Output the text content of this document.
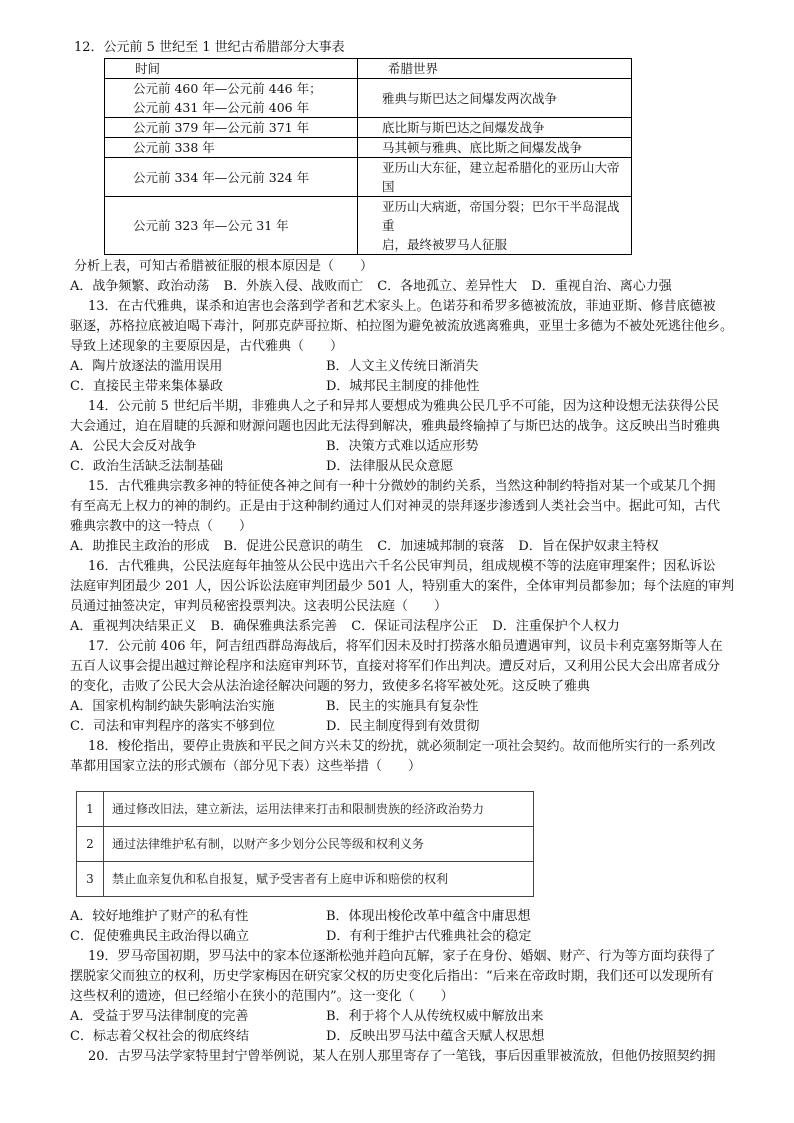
12．公元前 5 世纪至 1 世纪古希腊部分大事表
时间	希腊世界

公元前 460 年—公元前 446 年；
公元前 431 年—公元前 406 年	雅典与斯巴达之间爆发两次战争
公元前 379 年—公元前 371 年	底比斯与斯巴达之间爆发战争
公元前 338 年	马其顿与雅典、底比斯之间爆发战争
公元前 334 年—公元前 324 年	亚历山大东征，建立起希腊化的亚历山大帝国
公元前 323 年—公元 31 年	亚历山大病逝，帝国分裂；巴尔干半岛混战重
启，最终被罗马人征服
分析上表，可知古希腊被征服的根本原因是（　　）
A．战争频繁、政治动荡 B．外族入侵、战败而亡 C．各地孤立、差异性大 D．重视自治、离心力强
13．在古代雅典，谋杀和迫害也会落到学者和艺术家头上。色诺芬和希罗多德被流放，菲迪亚斯、修昔底德被
驱逐，苏格拉底被迫喝下毒汁，阿那克萨哥拉斯、柏拉图为避免被流放逃离雅典，亚里士多德为不被处死逃往他乡。
导致上述现象的主要原因是，古代雅典（　　）
A．陶片放逐法的滥用误用	B．人文主义传统日渐消失
C．直接民主带来集体暴政	D．城邦民主制度的排他性
14．公元前 5 世纪后半期，非雅典人之子和异邦人要想成为雅典公民几乎不可能，因为这种设想无法获得公民
大会通过，迫在眉睫的兵源和财源问题也因此无法得到解决，雅典最终输掉了与斯巴达的战争。这反映出当时雅典
A．公民大会反对战争	B．决策方式难以适应形势
C．政治生活缺乏法制基础	D．法律服从民众意愿
15．古代雅典宗教多神的特征使各神之间有一种十分微妙的制约关系，当然这种制约特指对某一个或某几个拥
有至高无上权力的神的制约。正是由于这种制约通过人们对神灵的崇拜逐步渗透到人类社会当中。据此可知，古代
雅典宗教中的这一特点（　　）
A．助推民主政治的形成 B．促进公民意识的萌生 C．加速城邦制的衰落 D．旨在保护奴隶主特权
16．古代雅典，公民法庭每年抽签从公民中选出六千名公民审判员，组成规模不等的法庭审理案件；因私诉讼
法庭审判团最少 201 人，因公诉讼法庭审判团最少 501 人，特别重大的案件，全体审判员都参加；每个法庭的审判
员通过抽签决定，审判员秘密投票判决。这表明公民法庭（　　）
A．重视判决结果正义 B．确保雅典法系完善 C．保证司法程序公正 D．注重保护个人权力
17．公元前 406 年，阿吉纽西群岛海战后，将军们因未及时打捞落水船员遭遇审判，议员卡利克塞努斯等人在
五百人议事会提出越过辩论程序和法庭审判环节，直接对将军们作出判决。遭反对后，又利用公民大会出席者成分
的变化，击败了公民大会从法治途径解决问题的努力，致使多名将军被处死。这反映了雅典
A．国家机构制约缺失影响法治实施	B．民主的实施具有复杂性
C．司法和审判程序的落实不够到位	D．民主制度得到有效贯彻
18．梭伦指出，要停止贵族和平民之间方兴未艾的纷扰，就必须制定一项社会契约。故而他所实行的一系列改
革都用国家立法的形式颁布（部分见下表）这些举措（　　）
1	通过修改旧法，建立新法，运用法律来打击和限制贵族的经济政治势力
2	通过法律维护私有制，以财产多少划分公民等级和权利义务
3	禁止血亲复仇和私自报复，赋予受害者有上庭申诉和赔偿的权利
A．较好地维护了财产的私有性	B．体现出梭伦改革中蕴含中庸思想
C．促使雅典民主政治得以确立	D．有利于维护古代雅典社会的稳定
19．罗马帝国初期，罗马法中的家本位逐渐松弛并趋向瓦解，家子在身份、婚姻、财产、行为等方面均获得了
摆脱家父而独立的权利，历史学家梅因在研究家父权的历史变化后指出：“后来在帝政时期，我们还可以发现所有
这些权利的遗迹，但已经缩小在狭小的范围内”。这一变化（　　）
A．受益于罗马法律制度的完善	B．利于将个人从传统权威中解放出来
C．标志着父权社会的彻底终结	D．反映出罗马法中蕴含天赋人权思想
20．古罗马法学家特里封宁曾举例说，某人在别人那里寄存了一笔钱，事后因重罪被流放，但他仍按照契约拥
